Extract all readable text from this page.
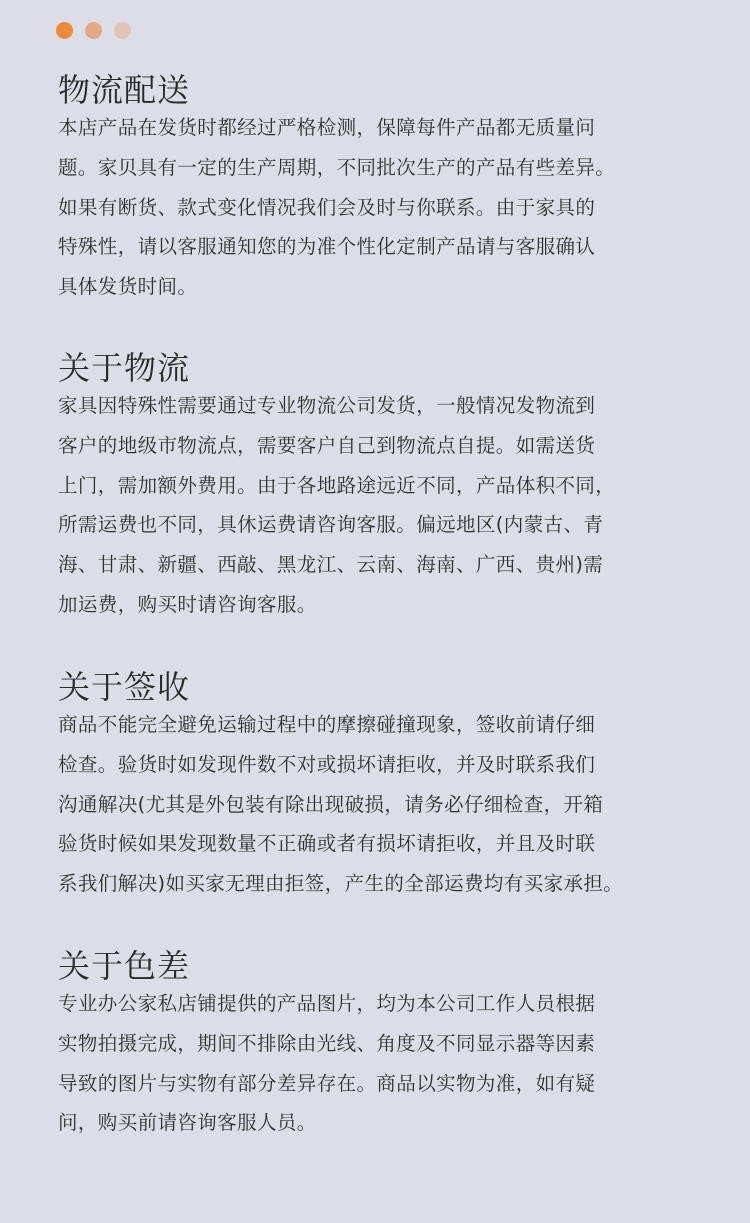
物流配送

本店产品在发货时都经过严格检测，保障每件产品都无质量问
题。家贝具有一定的生产周期，不同批次生产的产品有些差异。
如果有断货、款式变化情况我们会及时与你联系。由于家具的
特殊性，请以客服通知您的为准个性化定制产品请与客服确认
具体发货时间。

关于物流

家具因特殊性需要通过专业物流公司发货，一般情况发物流到
客户的地级市物流点，需要客户自己到物流点自提。如需送货
上门，需加额外费用。由于各地路途远近不同，产品体积不同，
所需运费也不同，具休运费请咨询客服。偏远地区(内蒙古、青
海、甘肃、新疆、西敲、黑龙江、云南、海南、广西、贵州)需
加运费，购买时请咨询客服。

关于签收

商品不能完全避免运输过程中的摩擦碰撞现象，签收前请仔细
检查。验货时如发现件数不对或损坏请拒收，并及时联系我们
沟通解决(尤其是外包装有除出现破损，请务必仔细检查，开箱
验货时候如果发现数量不正确或者有损坏请拒收，并且及时联
系我们解决)如买家无理由拒签，产生的全部运费均有买家承担。

关于色差

专业办公家私店铺提供的产品图片，均为本公司工作人员根据
实物拍摄完成，期间不排除由光线、角度及不同显示器等因素
导致的图片与实物有部分差异存在。商品以实物为准，如有疑
问，购买前请咨询客服人员。
